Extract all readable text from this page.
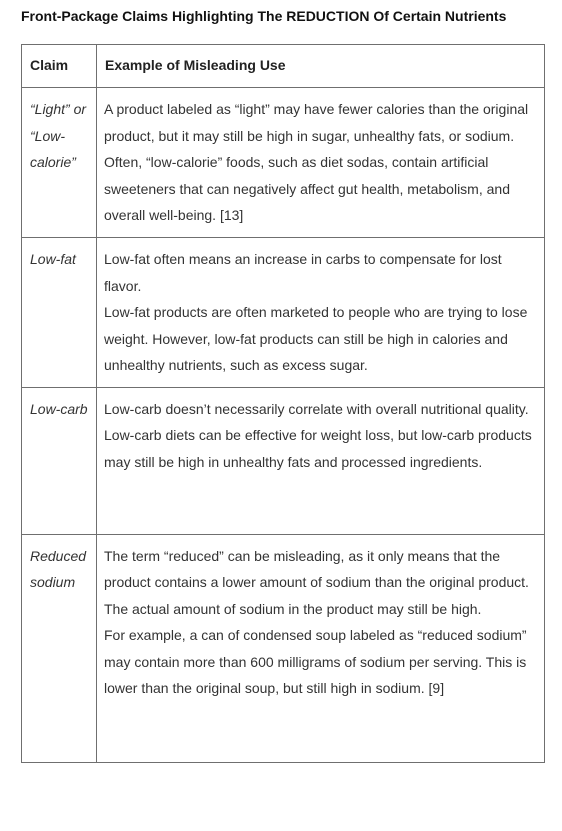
Front-Package Claims Highlighting The REDUCTION Of Certain Nutrients
Claim	Example of Misleading Use

“Light” or “Low-calorie”	A product labeled as “light” may have fewer calories than the original product, but it may still be high in sugar, unhealthy fats, or sodium. Often, “low-calorie” foods, such as diet sodas, contain artificial sweeteners that can negatively affect gut health, metabolism, and overall well-being. [13]

Low-fat	Low-fat often means an increase in carbs to compensate for lost flavor.

Low-fat products are often marketed to people who are trying to lose weight. However, low-fat products can still be high in calories and unhealthy nutrients, such as excess sugar.

Low-carb	Low-carb doesn’t necessarily correlate with overall nutritional quality.

Low-carb diets can be effective for weight loss, but low-carb products may still be high in unhealthy fats and processed ingredients.

Reduced sodium	The term “reduced” can be misleading, as it only means that the product contains a lower amount of sodium than the original product. The actual amount of sodium in the product may still be high.

For example, a can of condensed soup labeled as “reduced sodium” may contain more than 600 milligrams of sodium per serving. This is lower than the original soup, but still high in sodium. [9]
